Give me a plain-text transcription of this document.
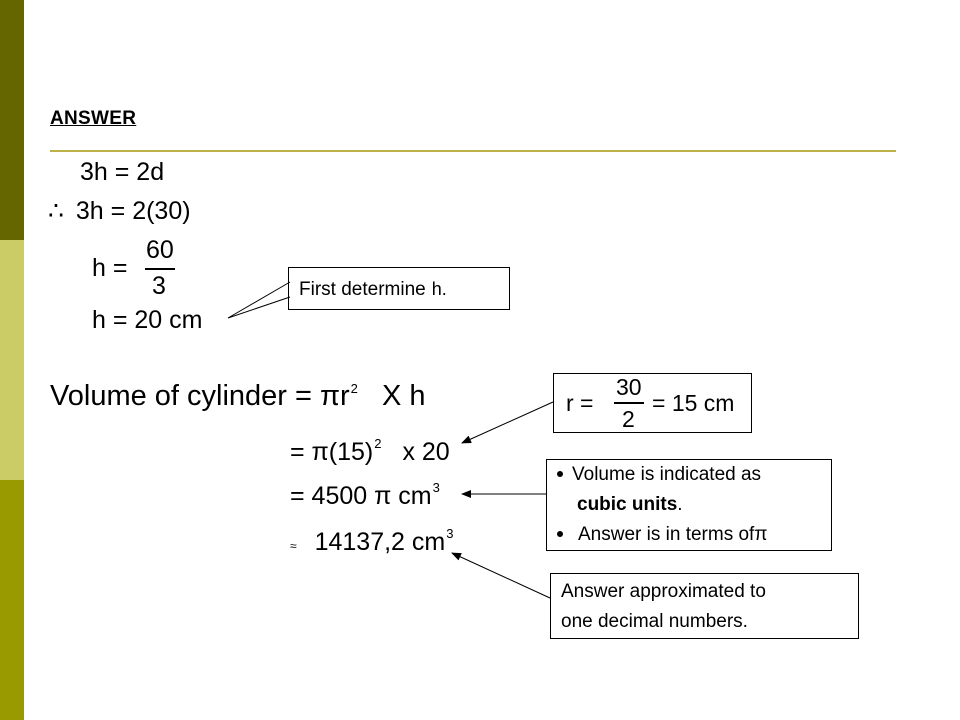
ANSWER
3h = 2d
∴ 3h = 2(30)
h =
60
3
h = 20 cm
First determine h.
Volume of cylinder = $\pi r^2$ X h
= $\pi(15)^2$ x 20
= 4500 π $cm^3$
≈ 14137,2 $cm^3$
r =
30
2
= 15 cm
Volume is indicated as
cubic units.
Answer is in terms ofπ
Answer approximated to
one decimal numbers.
